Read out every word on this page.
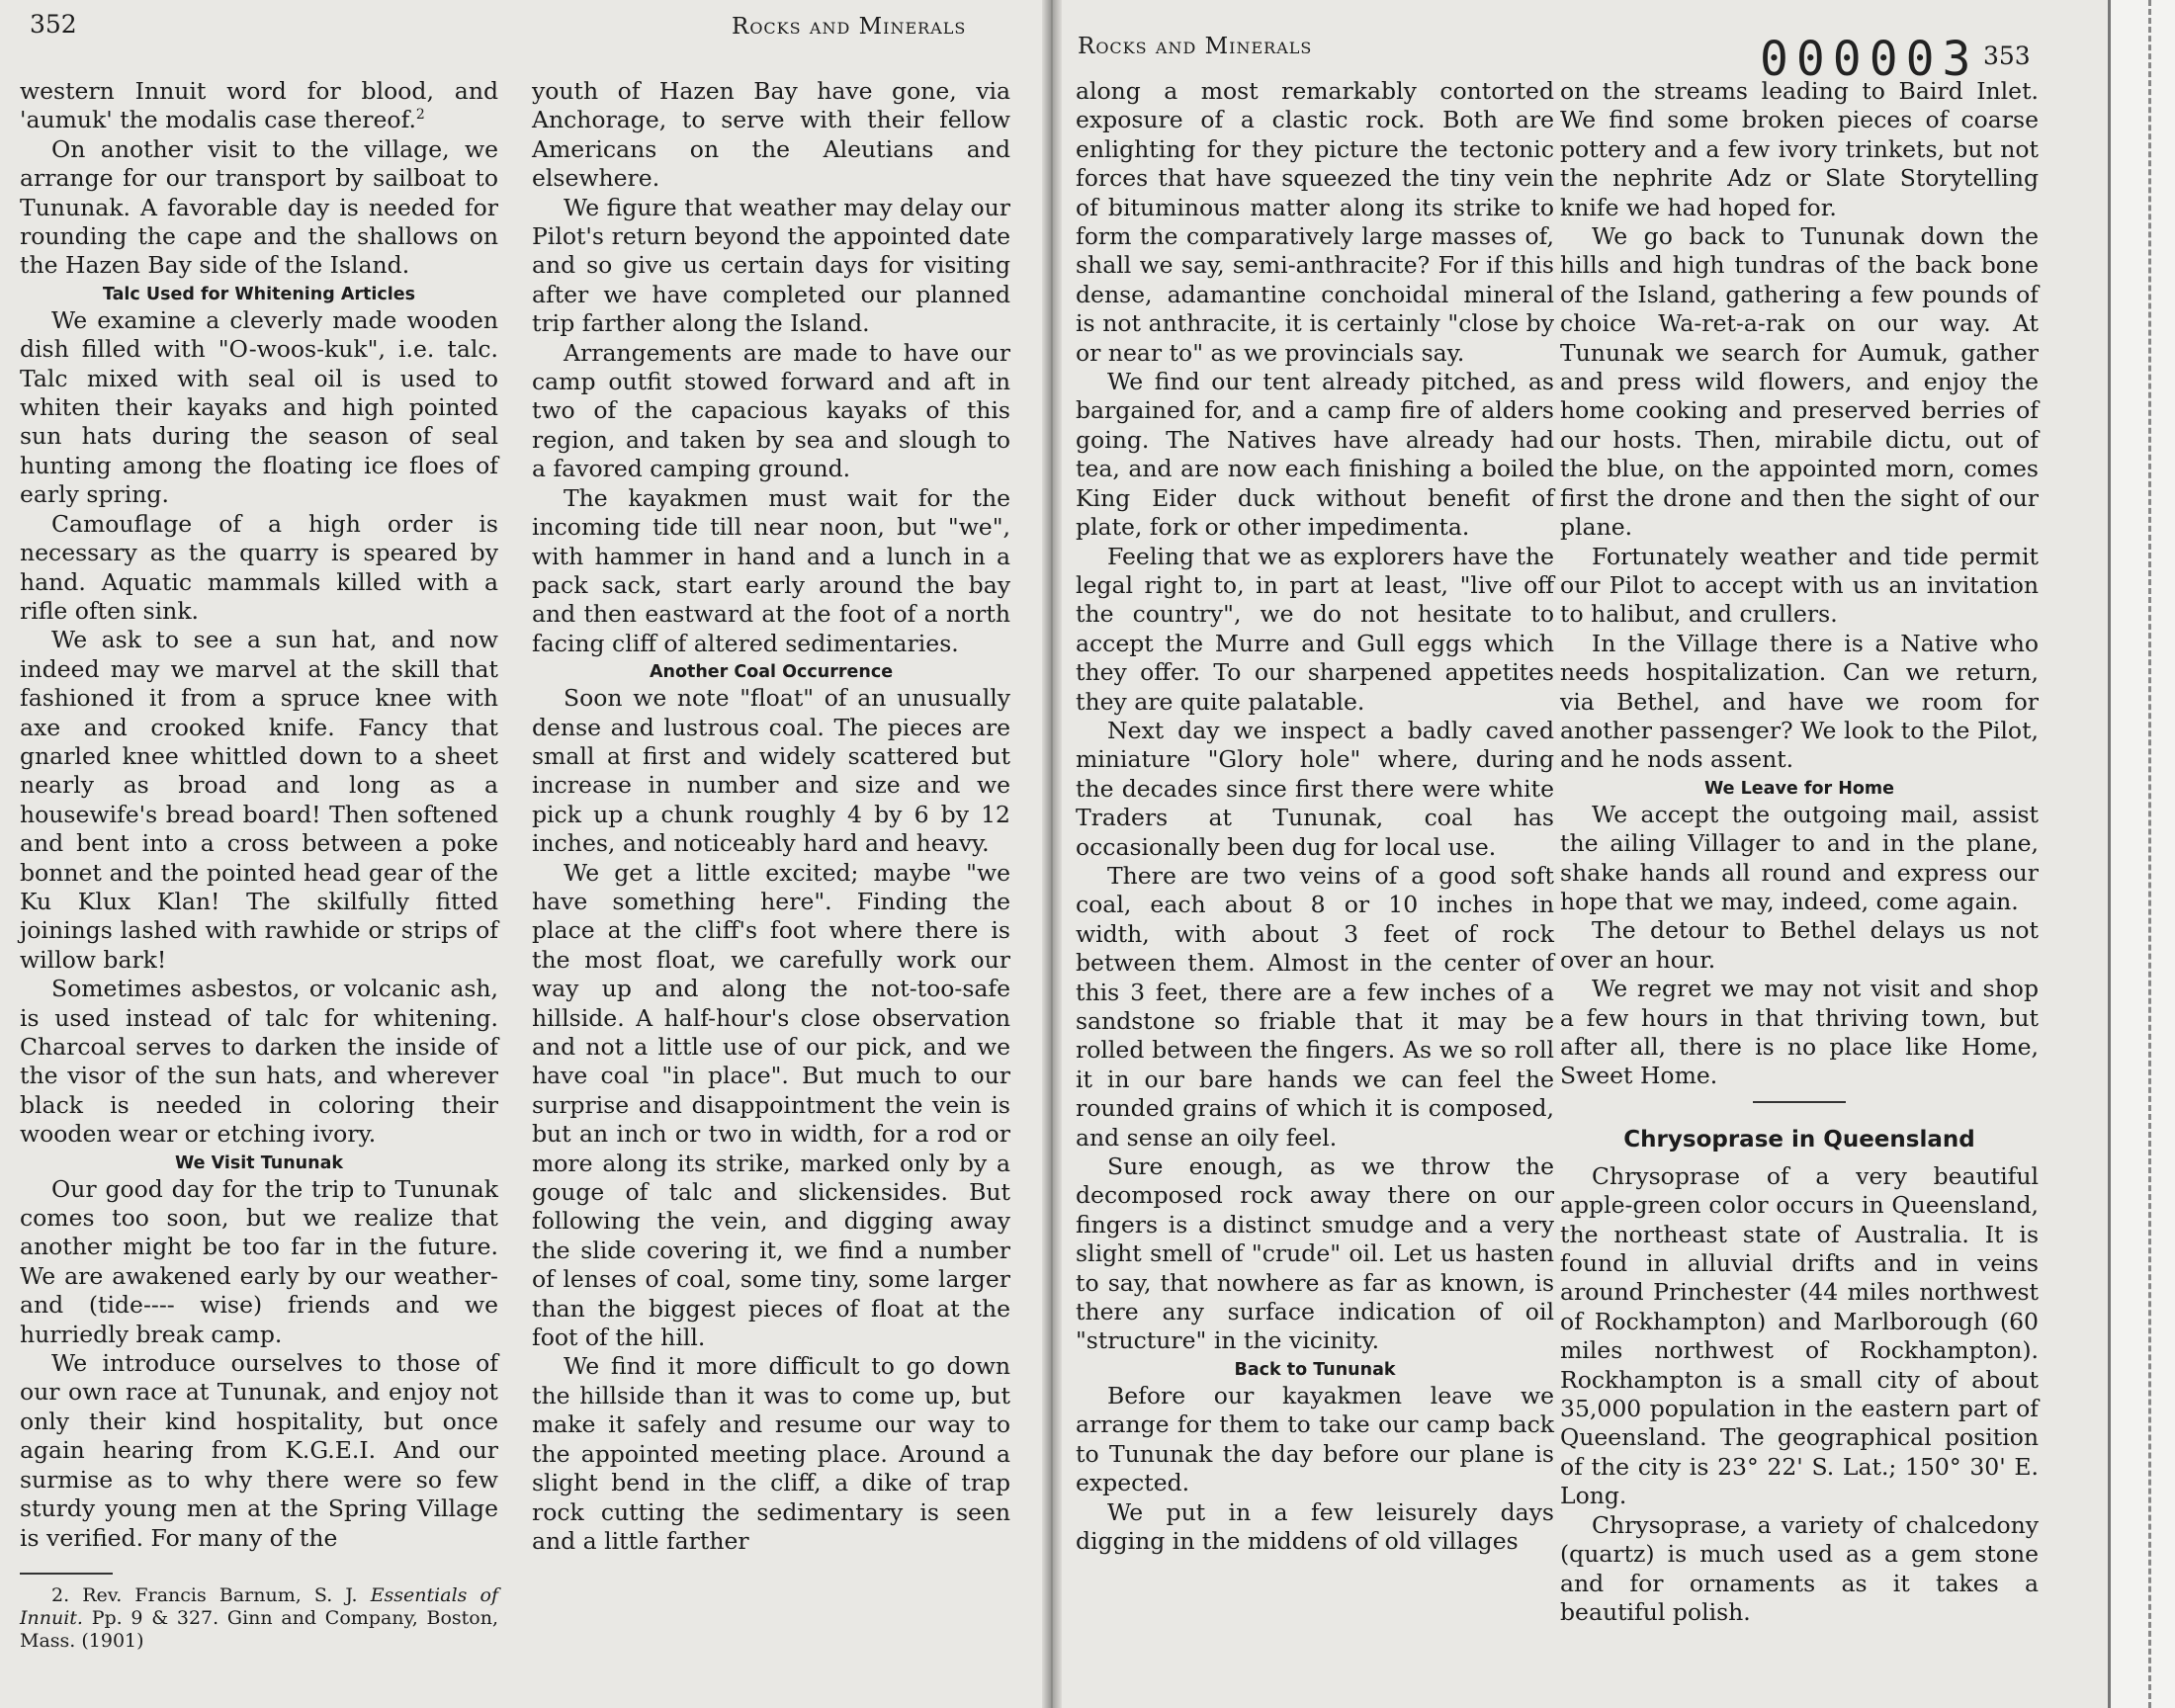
352	Rocks and Minerals
Rocks and Minerals	000003 353

western Innuit word for blood, and 'aumuk' the modalis case thereof.$^2$

On another visit to the village, we arrange for our transport by sailboat to Tununak. A favorable day is needed for rounding the cape and the shallows on the Hazen Bay side of the Island.

Talc Used for Whitening Articles

We examine a cleverly made wooden dish filled with "O-woos-kuk", i.e. talc. Talc mixed with seal oil is used to whiten their kayaks and high pointed sun hats during the season of seal hunting among the floating ice floes of early spring.

Camouflage of a high order is necessary as the quarry is speared by hand. Aquatic mammals killed with a rifle often sink.

We ask to see a sun hat, and now indeed may we marvel at the skill that fashioned it from a spruce knee with axe and crooked knife. Fancy that gnarled knee whittled down to a sheet nearly as broad and long as a housewife's bread board! Then softened and bent into a cross between a poke bonnet and the pointed head gear of the Ku Klux Klan! The skilfully fitted joinings lashed with rawhide or strips of willow bark!

Sometimes asbestos, or volcanic ash, is used instead of talc for whitening. Charcoal serves to darken the inside of the visor of the sun hats, and wherever black is needed in coloring their wooden wear or etching ivory.

We Visit Tununak

Our good day for the trip to Tununak comes too soon, but we realize that another might be too far in the future. We are awakened early by our weather-and (tide---- wise) friends and we hurriedly break camp.

We introduce ourselves to those of our own race at Tununak, and enjoy not only their kind hospitality, but once again hearing from K.G.E.I. And our surmise as to why there were so few sturdy young men at the Spring Village is verified. For many of the

2. Rev. Francis Barnum, S. J. Essentials of Innuit. Pp. 9 & 327. Ginn and Company, Boston, Mass. (1901)

youth of Hazen Bay have gone, via Anchorage, to serve with their fellow Americans on the Aleutians and elsewhere.

We figure that weather may delay our Pilot's return beyond the appointed date and so give us certain days for visiting after we have completed our planned trip farther along the Island.

Arrangements are made to have our camp outfit stowed forward and aft in two of the capacious kayaks of this region, and taken by sea and slough to a favored camping ground.

The kayakmen must wait for the incoming tide till near noon, but "we", with hammer in hand and a lunch in a pack sack, start early around the bay and then eastward at the foot of a north facing cliff of altered sedimentaries.

Another Coal Occurrence

Soon we note "float" of an unusually dense and lustrous coal. The pieces are small at first and widely scattered but increase in number and size and we pick up a chunk roughly 4 by 6 by 12 inches, and noticeably hard and heavy.

We get a little excited; maybe "we have something here". Finding the place at the cliff's foot where there is the most float, we carefully work our way up and along the not-too-safe hillside. A half-hour's close observation and not a little use of our pick, and we have coal "in place". But much to our surprise and disappointment the vein is but an inch or two in width, for a rod or more along its strike, marked only by a gouge of talc and slickensides. But following the vein, and digging away the slide covering it, we find a number of lenses of coal, some tiny, some larger than the biggest pieces of float at the foot of the hill.

We find it more difficult to go down the hillside than it was to come up, but make it safely and resume our way to the appointed meeting place. Around a slight bend in the cliff, a dike of trap rock cutting the sedimentary is seen and a little farther

along a most remarkably contorted exposure of a clastic rock. Both are enlighting for they picture the tectonic forces that have squeezed the tiny vein of bituminous matter along its strike to form the comparatively large masses of, shall we say, semi-anthracite? For if this dense, adamantine conchoidal mineral is not anthracite, it is certainly "close by or near to" as we provincials say.

We find our tent already pitched, as bargained for, and a camp fire of alders going. The Natives have already had tea, and are now each finishing a boiled King Eider duck without benefit of plate, fork or other impedimenta.

Feeling that we as explorers have the legal right to, in part at least, "live off the country", we do not hesitate to accept the Murre and Gull eggs which they offer. To our sharpened appetites they are quite palatable.

Next day we inspect a badly caved miniature "Glory hole" where, during the decades since first there were white Traders at Tununak, coal has occasionally been dug for local use.

There are two veins of a good soft coal, each about 8 or 10 inches in width, with about 3 feet of rock between them. Almost in the center of this 3 feet, there are a few inches of a sandstone so friable that it may be rolled between the fingers. As we so roll it in our bare hands we can feel the rounded grains of which it is composed, and sense an oily feel.

Sure enough, as we throw the decomposed rock away there on our fingers is a distinct smudge and a very slight smell of "crude" oil. Let us hasten to say, that nowhere as far as known, is there any surface indication of oil "structure" in the vicinity.

Back to Tununak

Before our kayakmen leave we arrange for them to take our camp back to Tununak the day before our plane is expected.

We put in a few leisurely days digging in the middens of old villages

on the streams leading to Baird Inlet. We find some broken pieces of coarse pottery and a few ivory trinkets, but not the nephrite Adz or Slate Storytelling knife we had hoped for.

We go back to Tununak down the hills and high tundras of the back bone of the Island, gathering a few pounds of choice Wa-ret-a-rak on our way. At Tununak we search for Aumuk, gather and press wild flowers, and enjoy the home cooking and preserved berries of our hosts. Then, mirabile dictu, out of the blue, on the appointed morn, comes first the drone and then the sight of our plane.

Fortunately weather and tide permit our Pilot to accept with us an invitation to halibut, and crullers.

In the Village there is a Native who needs hospitalization. Can we return, via Bethel, and have we room for another passenger? We look to the Pilot, and he nods assent.

We Leave for Home

We accept the outgoing mail, assist the ailing Villager to and in the plane, shake hands all round and express our hope that we may, indeed, come again.

The detour to Bethel delays us not over an hour.

We regret we may not visit and shop a few hours in that thriving town, but after all, there is no place like Home, Sweet Home.

Chrysoprase in Queensland

Chrysoprase of a very beautiful apple-green color occurs in Queensland, the northeast state of Australia. It is found in alluvial drifts and in veins around Princhester (44 miles northwest of Rockhampton) and Marlborough (60 miles northwest of Rockhampton). Rockhampton is a small city of about 35,000 population in the eastern part of Queensland. The geographical position of the city is 23° 22' S. Lat.; 150° 30' E. Long.

Chrysoprase, a variety of chalcedony (quartz) is much used as a gem stone and for ornaments as it takes a beautiful polish.
